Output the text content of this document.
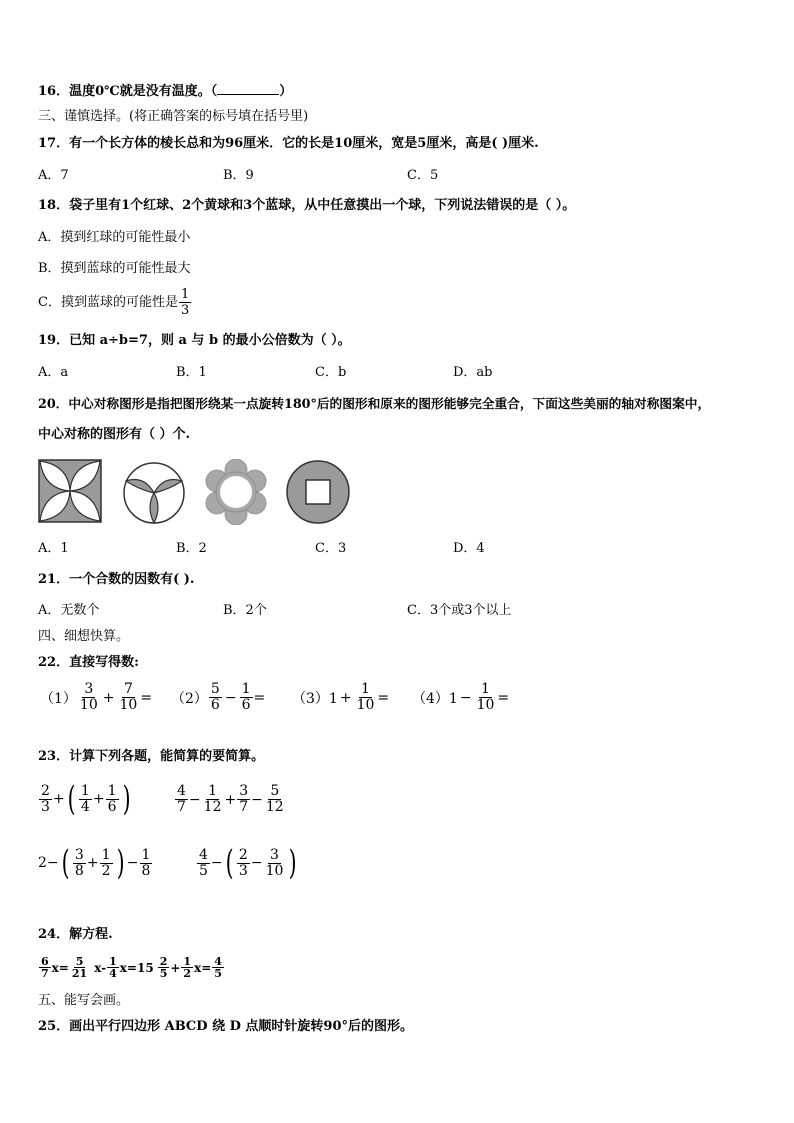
16．温度0℃就是没有温度。（	）
三、谨慎选择。(将正确答案的标号填在括号里)
17．有一个长方体的棱长总和为96厘米．它的长是10厘米，宽是5厘米，高是( )厘米.
A．7	B．9	C．5
18．袋子里有1个红球、2个黄球和3个蓝球，从中任意摸出一个球，下列说法错误的是（ ）。
A．摸到红球的可能性最小
B．摸到蓝球的可能性最大
C．摸到蓝球的可能性是 $\frac{1}{3}$
19．已知 a÷b=7，则 a 与 b 的最小公倍数为（ ）。
A．a	B．1	C．b	D．ab
20．中心对称图形是指把图形绕某一点旋转180°后的图形和原来的图形能够完全重合，下面这些美丽的轴对称图案中，
中心对称的图形有（ ）个.
A．1	B．2	C．3	D．4
21．一个合数的因数有( ).
A．无数个	B．2个	C．3个或3个以上
四、细想快算。
22．直接写得数:
$(1) \frac{3}{10} + \frac{7}{10} = (2) \frac{5}{6} - \frac{1}{6} = (3)1 + \frac{1}{10} = (4)1 - \frac{1}{10}$ =
23．计算下列各题，能简算的要简算。
$\frac{2}{3}$ + ( $\frac{1}{4} + \frac{1}{6}$ )	$\frac{4}{7} - \frac{1}{12} + \frac{3}{7} - \frac{5}{12}$
2 − ( $\frac{3}{8} + \frac{1}{2}$ ) − $\frac{1}{8}$	$\frac{4}{5}$ − ( $\frac{2}{3} - \frac{3}{10}$ )
24．解方程.
$\frac{6}{7} x= \frac{5}{21} x- \frac{1}{4} x=15 \frac{2}{5} + \frac{1}{2} x= \frac{4}{5}$
五、能写会画。
25．画出平行四边形 ABCD 绕 D 点顺时针旋转90°后的图形。
